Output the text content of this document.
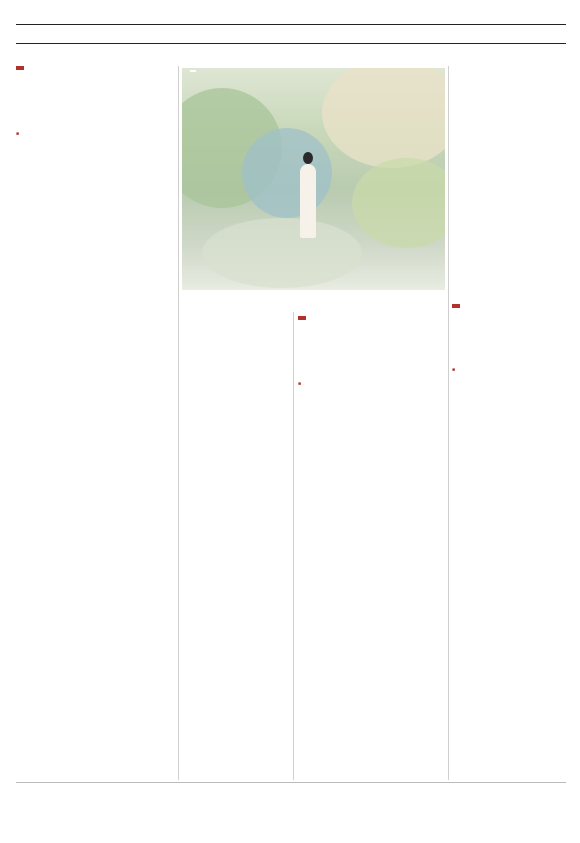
■

■

■
